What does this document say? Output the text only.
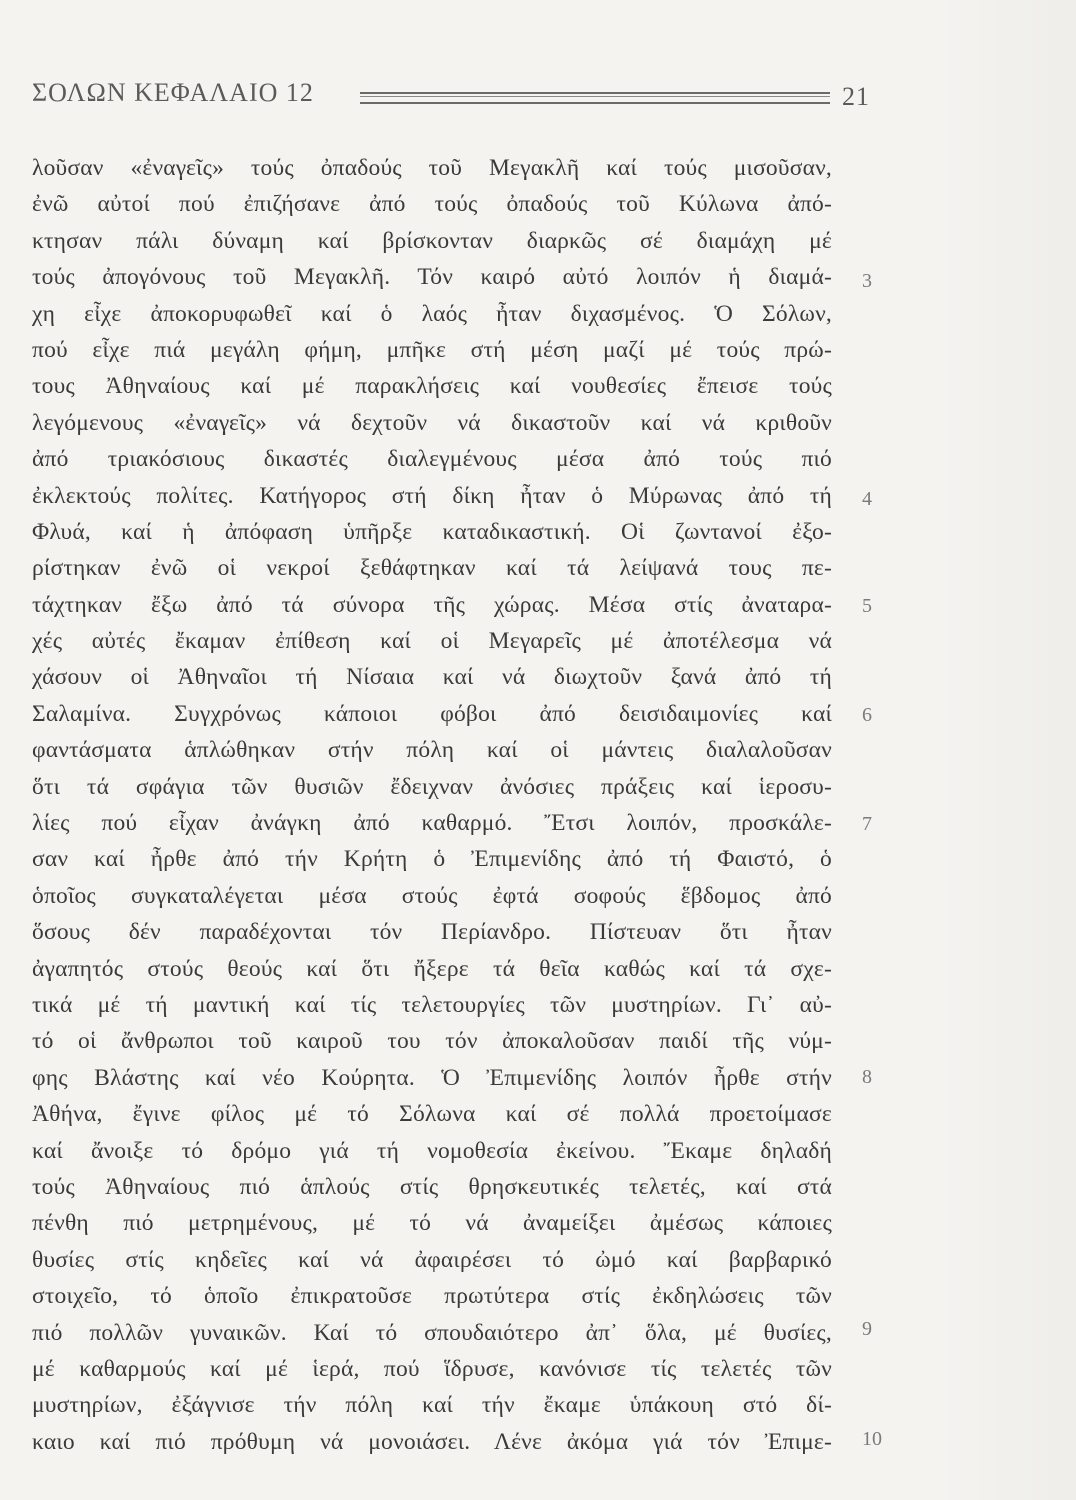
ΣΟΛΩΝ ΚΕΦΑΛΑΙΟ 12	21
λοῦσαν «ἐναγεῖς» τούς ὀπαδούς τοῦ Μεγακλῆ καί τούς μισοῦσαν,
ἐνῶ αὐτοί πού ἐπιζήσανε ἀπό τούς ὀπαδούς τοῦ Κύλωνα ἀπό-
κτησαν πάλι δύναμη καί βρίσκονταν διαρκῶς σέ διαμάχη μέ
τούς ἀπογόνους τοῦ Μεγακλῆ. Τόν καιρό αὐτό λοιπόν ἡ διαμά-
χη εἶχε ἀποκορυφωθεῖ καί ὁ λαός ἦταν διχασμένος. Ὁ Σόλων,
πού εἶχε πιά μεγάλη φήμη, μπῆκε στή μέση μαζί μέ τούς πρώ-
τους Ἀθηναίους καί μέ παρακλήσεις καί νουθεσίες ἔπεισε τούς
λεγόμενους «ἐναγεῖς» νά δεχτοῦν νά δικαστοῦν καί νά κριθοῦν
ἀπό τριακόσιους δικαστές διαλεγμένους μέσα ἀπό τούς πιό
ἐκλεκτούς πολίτες. Κατήγορος στή δίκη ἦταν ὁ Μύρωνας ἀπό τή
Φλυά, καί ἡ ἀπόφαση ὑπῆρξε καταδικαστική. Οἱ ζωντανοί ἐξο-
ρίστηκαν ἐνῶ οἱ νεκροί ξεθάφτηκαν καί τά λείψανά τους πε-
τάχτηκαν ἔξω ἀπό τά σύνορα τῆς χώρας. Μέσα στίς ἀναταρα-
χές αὐτές ἔκαμαν ἐπίθεση καί οἱ Μεγαρεῖς μέ ἀποτέλεσμα νά
χάσουν οἱ Ἀθηναῖοι τή Νίσαια καί νά διωχτοῦν ξανά ἀπό τή
Σαλαμίνα. Συγχρόνως κάποιοι φόβοι ἀπό δεισιδαιμονίες καί
φαντάσματα ἁπλώθηκαν στήν πόλη καί οἱ μάντεις διαλαλοῦσαν
ὅτι τά σφάγια τῶν θυσιῶν ἔδειχναν ἀνόσιες πράξεις καί ἱεροσυ-
λίες πού εἶχαν ἀνάγκη ἀπό καθαρμό. Ἔτσι λοιπόν, προσκάλε-
σαν καί ἦρθε ἀπό τήν Κρήτη ὁ Ἐπιμενίδης ἀπό τή Φαιστό, ὁ
ὁποῖος συγκαταλέγεται μέσα στούς ἐφτά σοφούς ἕβδομος ἀπό
ὅσους δέν παραδέχονται τόν Περίανδρο. Πίστευαν ὅτι ἦταν
ἀγαπητός στούς θεούς καί ὅτι ἤξερε τά θεῖα καθώς καί τά σχε-
τικά μέ τή μαντική καί τίς τελετουργίες τῶν μυστηρίων. Γι᾽ αὐ-
τό οἱ ἄνθρωποι τοῦ καιροῦ του τόν ἀποκαλοῦσαν παιδί τῆς νύμ-
φης Βλάστης καί νέο Κούρητα. Ὁ Ἐπιμενίδης λοιπόν ἦρθε στήν
Ἀθήνα, ἔγινε φίλος μέ τό Σόλωνα καί σέ πολλά προετοίμασε
καί ἄνοιξε τό δρόμο γιά τή νομοθεσία ἐκείνου. Ἔκαμε δηλαδή
τούς Ἀθηναίους πιό ἁπλούς στίς θρησκευτικές τελετές, καί στά
πένθη πιό μετρημένους, μέ τό νά ἀναμείξει ἀμέσως κάποιες
θυσίες στίς κηδεῖες καί νά ἀφαιρέσει τό ὠμό καί βαρβαρικό
στοιχεῖο, τό ὁποῖο ἐπικρατοῦσε πρωτύτερα στίς ἐκδηλώσεις τῶν
πιό πολλῶν γυναικῶν. Καί τό σπουδαιότερο ἀπ᾽ ὅλα, μέ θυσίες,
μέ καθαρμούς καί μέ ἱερά, πού ἵδρυσε, κανόνισε τίς τελετές τῶν
μυστηρίων, ἐξάγνισε τήν πόλη καί τήν ἔκαμε ὑπάκουη στό δί-
καιο καί πιό πρόθυμη νά μονοιάσει. Λένε ἀκόμα γιά τόν Ἐπιμε-
3
4
5
6
7
8
9
10
